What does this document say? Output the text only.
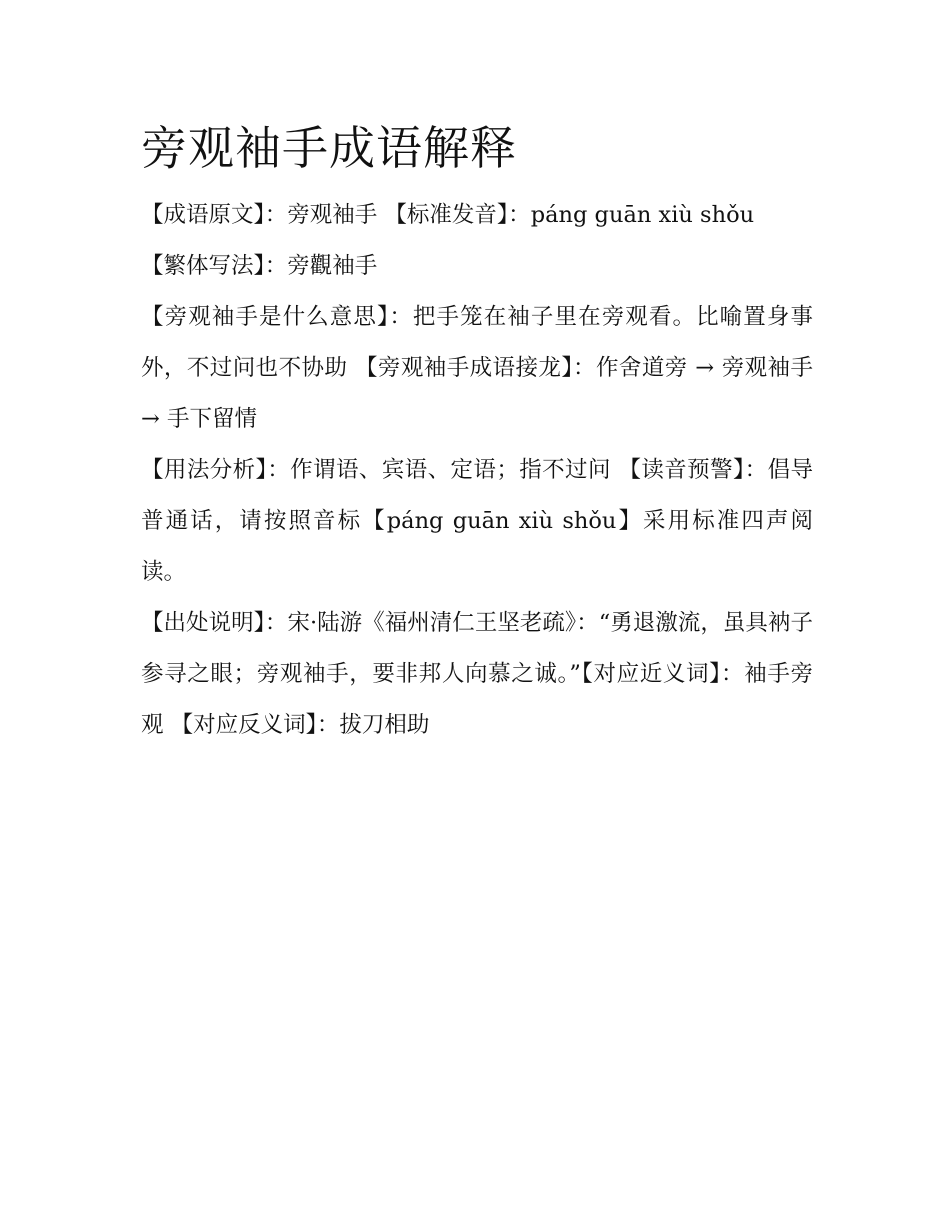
旁观袖手成语解释

【成语原文】：旁观袖手 【标准发音】：páng guān xiù shǒu

【繁体写法】：旁觀袖手

【旁观袖手是什么意思】：把手笼在袖子里在旁观看。比喻置身事外，不过问也不协助 【旁观袖手成语接龙】：作舍道旁 → 旁观袖手 → 手下留情

【用法分析】：作谓语、宾语、定语；指不过问 【读音预警】：倡导普通话，请按照音标【páng guān xiù shǒu】采用标准四声阅读。

【出处说明】：宋·陆游《福州清仁王坚老疏》：“勇退激流，虽具衲子参寻之眼；旁观袖手，要非邦人向慕之诚。”【对应近义词】：袖手旁观 【对应反义词】：拔刀相助
